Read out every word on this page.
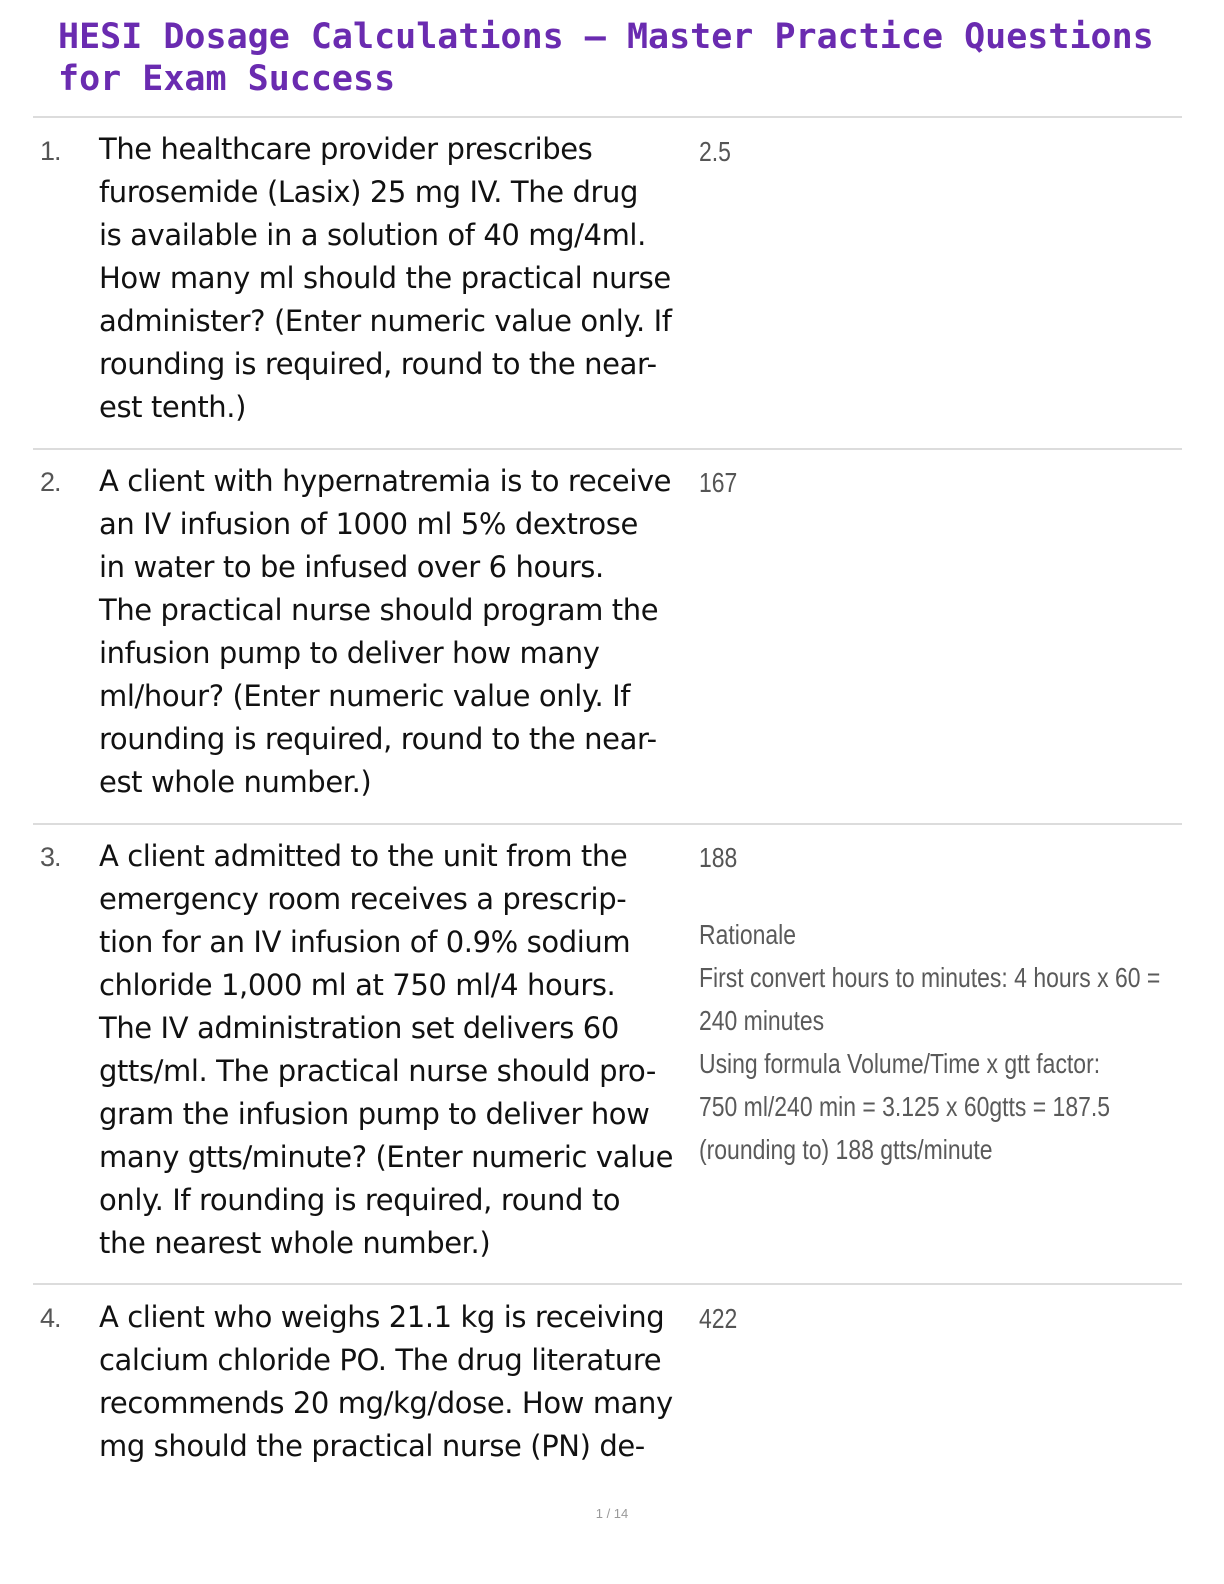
HESI Dosage Calculations – Master Practice Questions
for Exam Success
1. The healthcare provider prescribes
furosemide (Lasix) 25 mg IV. The drug
is available in a solution of 40 mg/4ml.
How many ml should the practical nurse
administer? (Enter numeric value only. If
rounding is required, round to the near-
est tenth.)
2.5
2. A client with hypernatremia is to receive
an IV infusion of 1000 ml 5% dextrose
in water to be infused over 6 hours.
The practical nurse should program the
infusion pump to deliver how many
ml/hour? (Enter numeric value only. If
rounding is required, round to the near-
est whole number.)
167
3. A client admitted to the unit from the
emergency room receives a prescrip-
tion for an IV infusion of 0.9% sodium
chloride 1,000 ml at 750 ml/4 hours.
The IV administration set delivers 60
gtts/ml. The practical nurse should pro-
gram the infusion pump to deliver how
many gtts/minute? (Enter numeric value
only. If rounding is required, round to
the nearest whole number.)
188
Rationale
First convert hours to minutes: 4 hours x 60 =
240 minutes
Using formula Volume/Time x gtt factor:
750 ml/240 min = 3.125 x 60gtts = 187.5
(rounding to) 188 gtts/minute
4. A client who weighs 21.1 kg is receiving
calcium chloride PO. The drug literature
recommends 20 mg/kg/dose. How many
mg should the practical nurse (PN) de-
422
1 / 14
